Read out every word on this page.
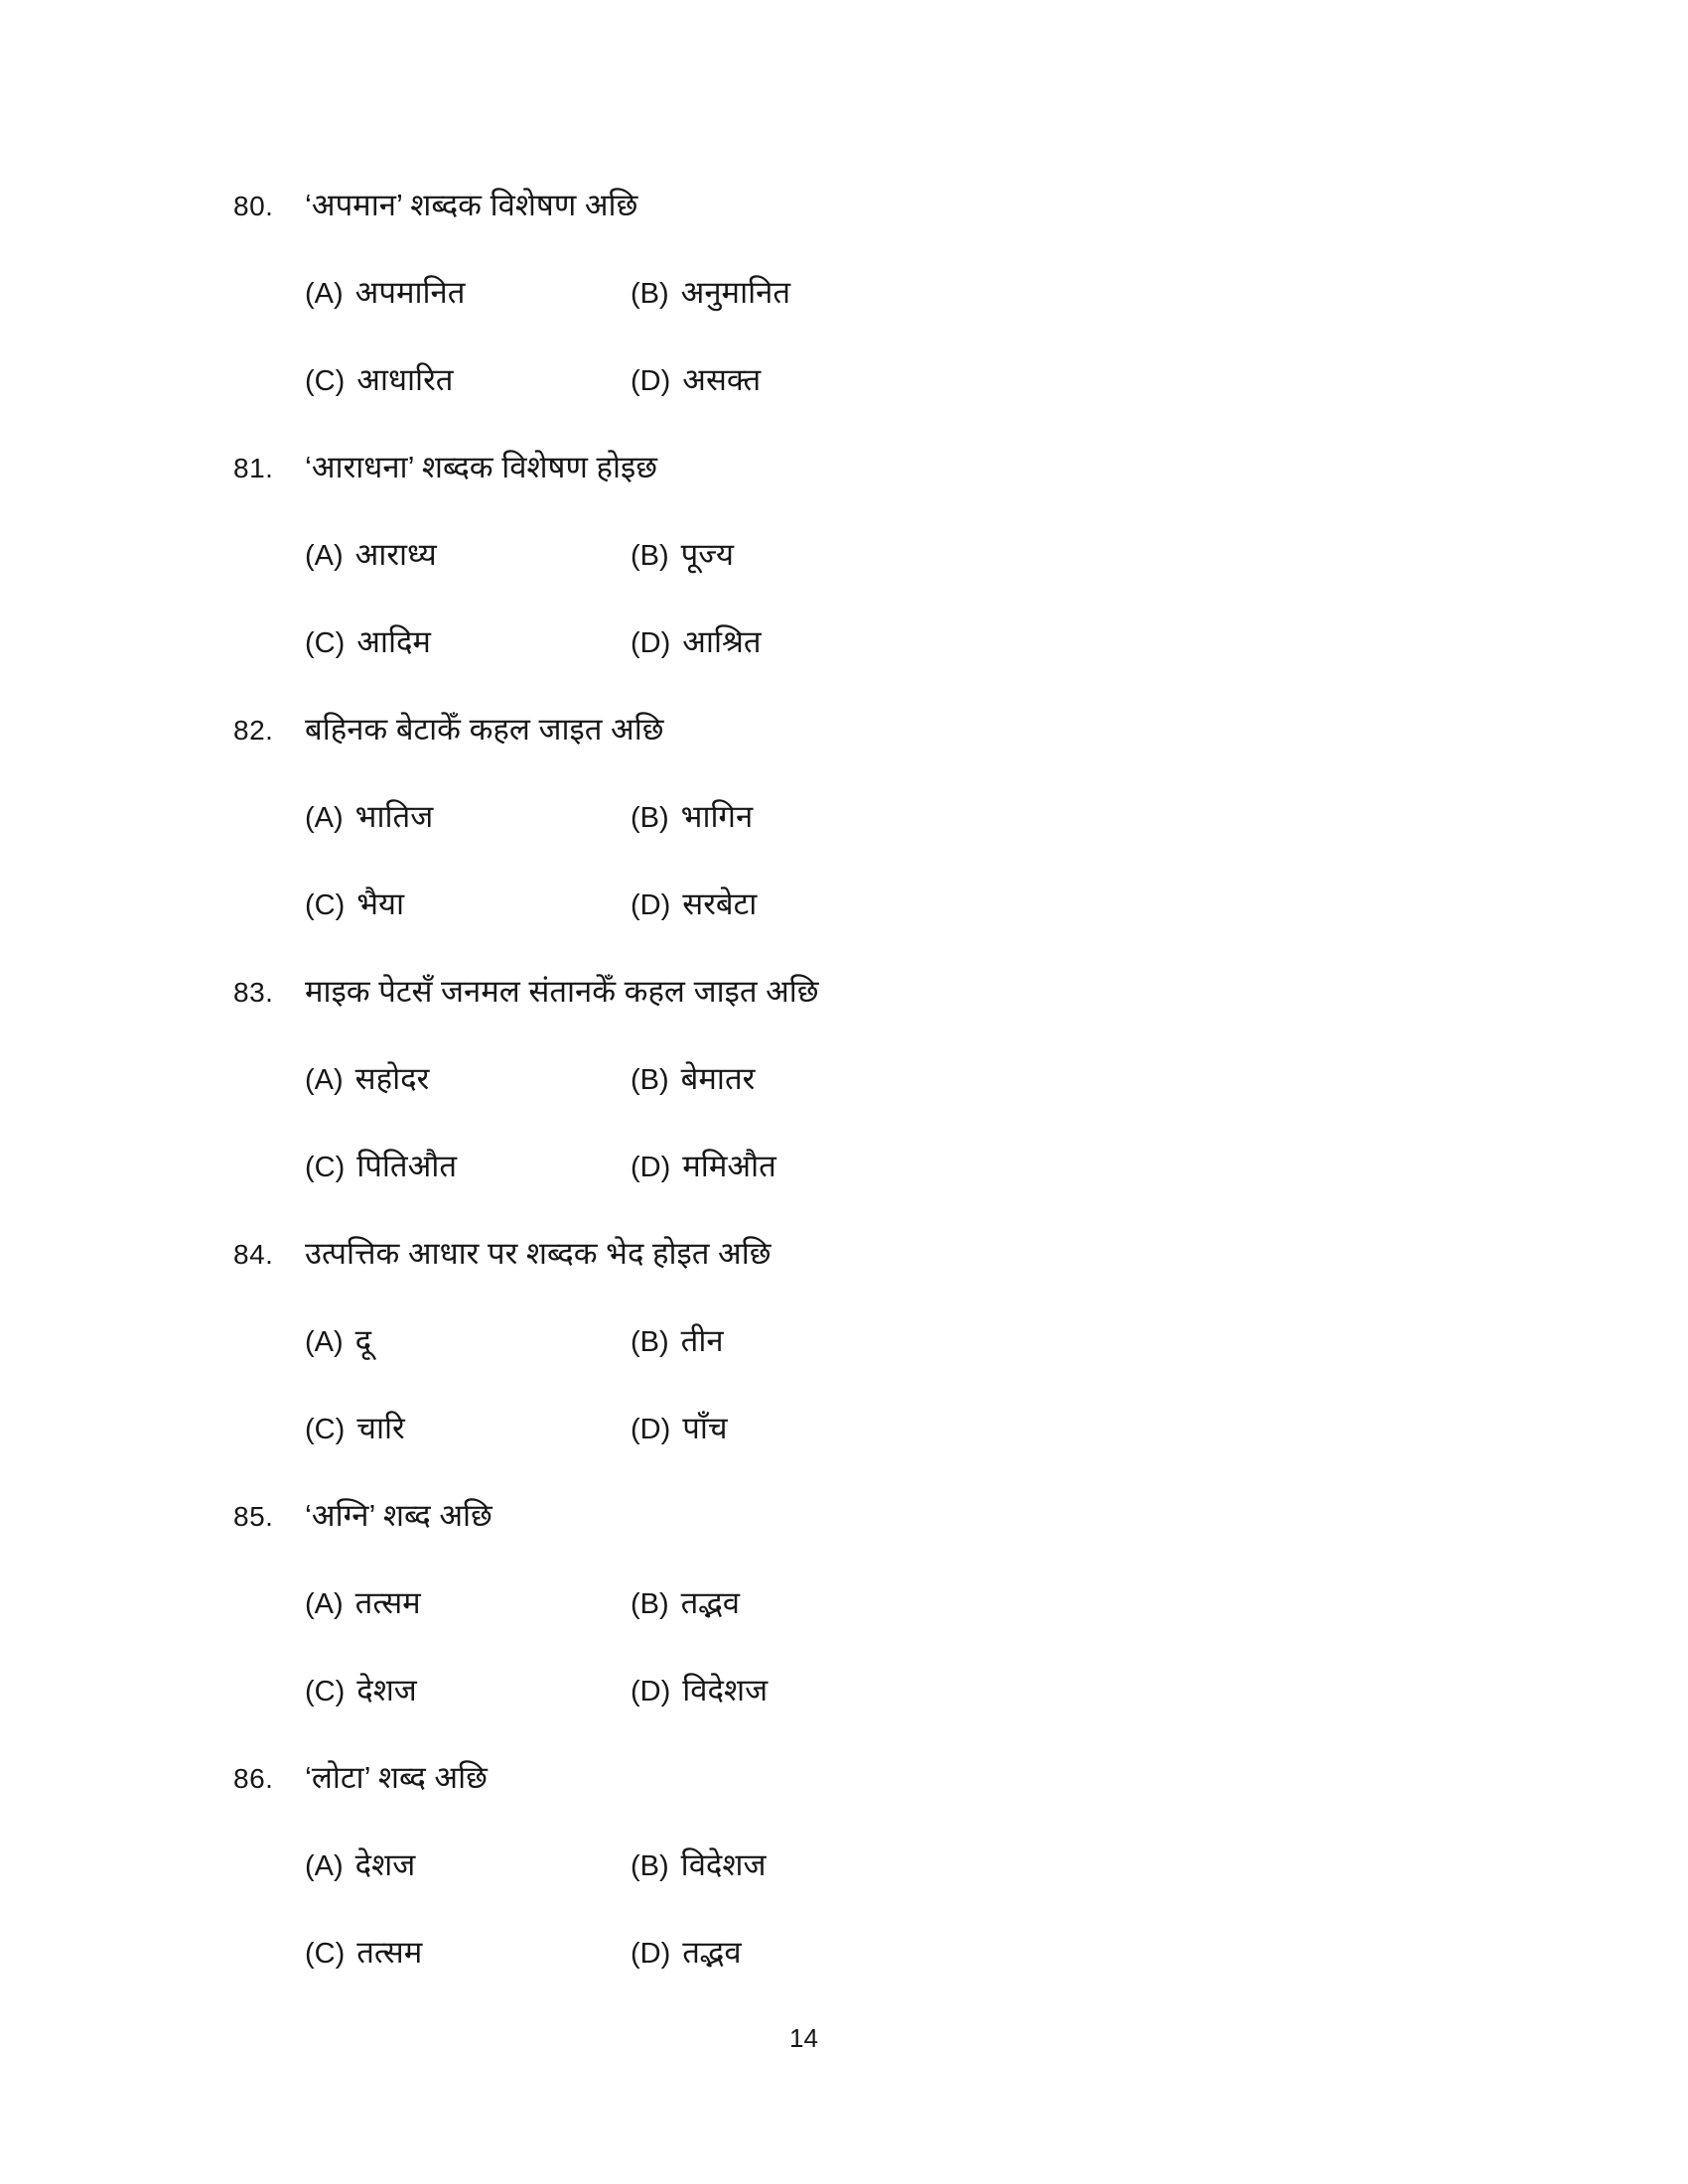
80.	‘अपमान’ शब्दक विशेषण अछि
(A) अपमानित	(B) अनुमानित
(C) आधारित	(D) असक्त
81.	‘आराधना’ शब्दक विशेषण होइछ
(A) आराध्य	(B) पूज्य
(C) आदिम	(D) आश्रित
82.	बहिनक बेटाकेँ कहल जाइत अछि
(A) भातिज	(B) भागिन
(C) भैया	(D) सरबेटा
83.	माइक पेटसँ जनमल संतानकेँ कहल जाइत अछि
(A) सहोदर	(B) बेमातर
(C) पितिऔत	(D) ममिऔत
84.	उत्पत्तिक आधार पर शब्दक भेद होइत अछि
(A) दू	(B) तीन
(C) चारि	(D) पाँच
85.	‘अग्नि’ शब्द अछि
(A) तत्सम	(B) तद्भव
(C) देशज	(D) विदेशज
86.	‘लोटा’ शब्द अछि
(A) देशज	(B) विदेशज
(C) तत्सम	(D) तद्भव
14
